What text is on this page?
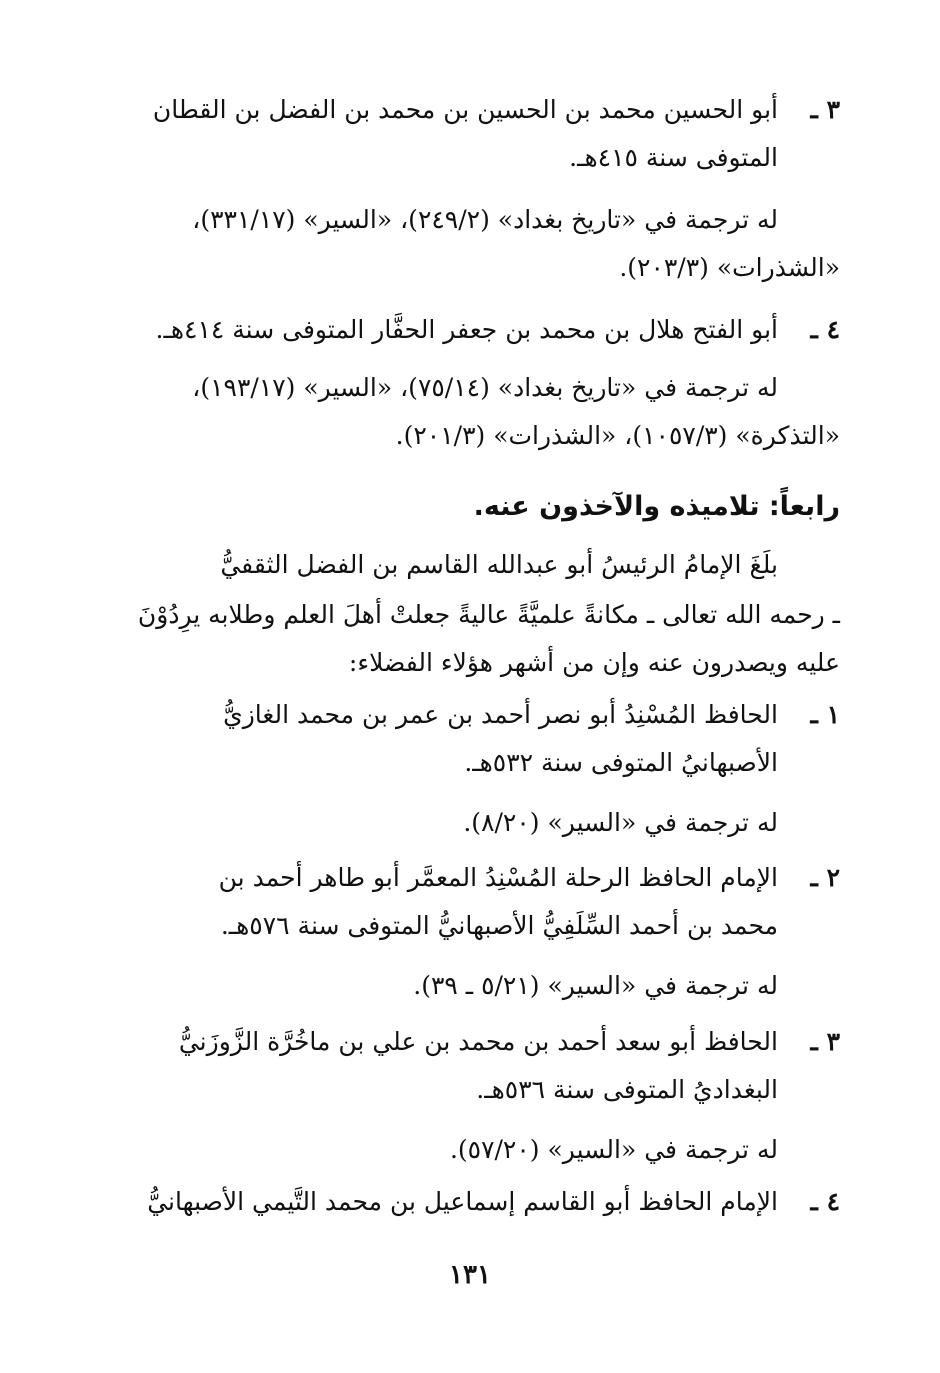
٣ ـ
أبو الحسين محمد بن الحسين بن محمد بن الفضل بن القطان
المتوفى سنة ٤١٥هـ.
له ترجمة في «تاريخ بغداد» (٢٤٩/٢)، «السير» (٣٣١/١٧)،
«الشذرات» (٢٠٣/٣).
٤ ـ
أبو الفتح هلال بن محمد بن جعفر الحفَّار المتوفى سنة ٤١٤هـ.
له ترجمة في «تاريخ بغداد» (٧٥/١٤)، «السير» (١٩٣/١٧)،
«التذكرة» (١٠٥٧/٣)، «الشذرات» (٢٠١/٣).
رابعاً: تلاميذه والآخذون عنه.
بلَغَ الإمامُ الرئيسُ أبو عبدالله القاسم بن الفضل الثقفيُّ
ـ رحمه الله تعالى ـ مكانةً علميَّةً عاليةً جعلتْ أهلَ العلم وطلابه يرِدُوْنَ
عليه ويصدرون عنه وإن من أشهر هؤلاء الفضلاء:
١ ـ
الحافظ المُسْنِدُ أبو نصر أحمد بن عمر بن محمد الغازيُّ
الأصبهانيُ المتوفى سنة ٥٣٢هـ.
له ترجمة في «السير» (٨/٢٠).
٢ ـ
الإمام الحافظ الرحلة المُسْنِدُ المعمَّر أبو طاهر أحمد بن
محمد بن أحمد السِّلَفِيُّ الأصبهانيُّ المتوفى سنة ٥٧٦هـ.
له ترجمة في «السير» (٥/٢١ ـ ٣٩).
٣ ـ
الحافظ أبو سعد أحمد بن محمد بن علي بن ماخُرَّة الزَّوزَنيُّ
البغداديُ المتوفى سنة ٥٣٦هـ.
له ترجمة في «السير» (٥٧/٢٠).
٤ ـ
الإمام الحافظ أبو القاسم إسماعيل بن محمد التَّيمي الأصبهانيُّ
١٣١
